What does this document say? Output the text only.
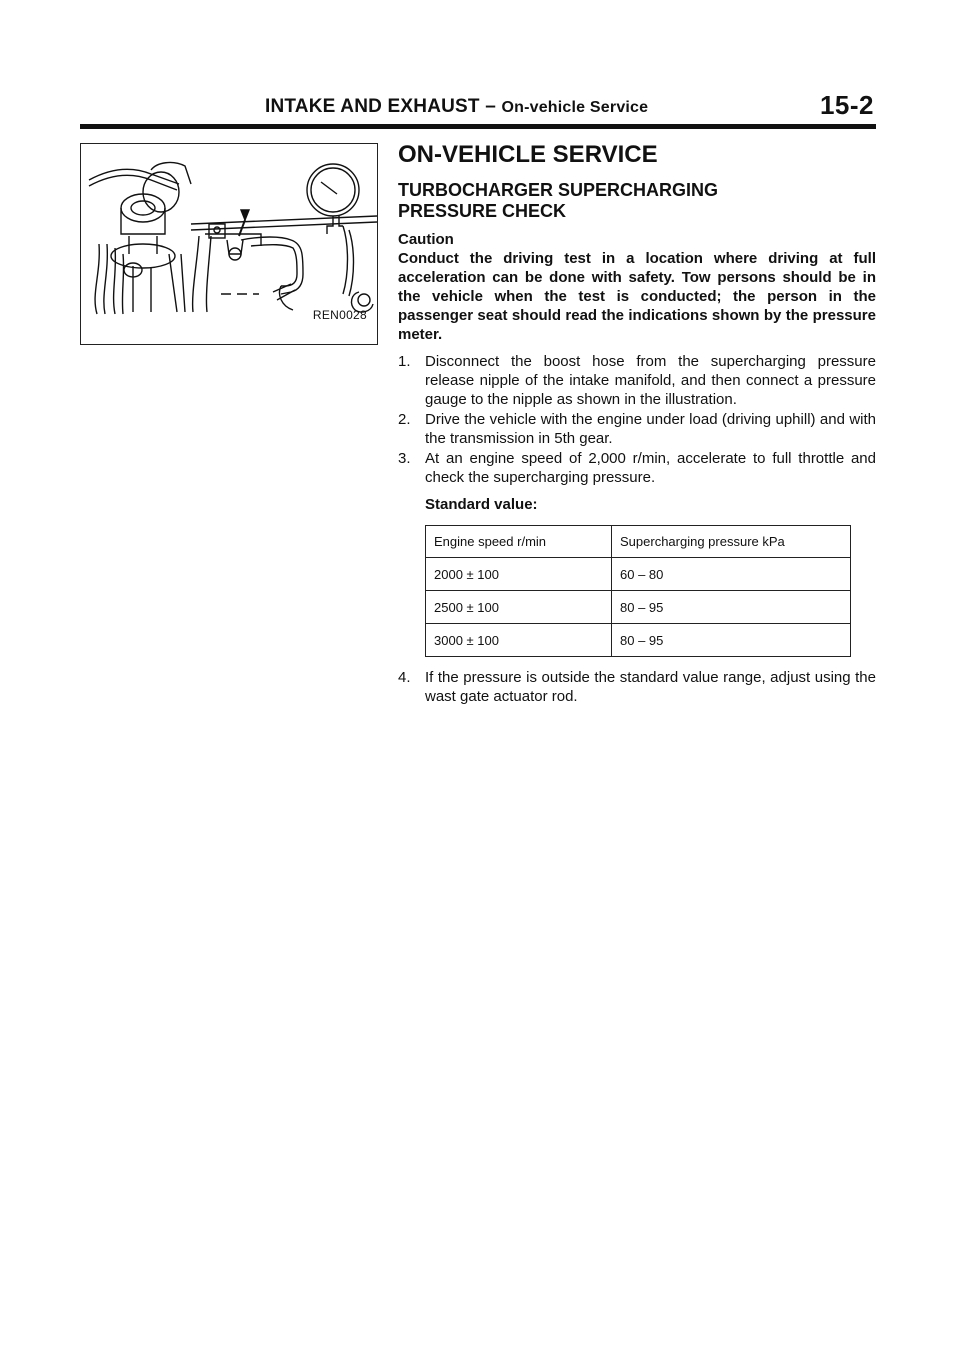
INTAKE AND EXHAUST – On-vehicle Service	15-2
REN0028
ON-VEHICLE SERVICE
TURBOCHARGER SUPERCHARGING PRESSURE CHECK
Caution
Conduct the driving test in a location where driving at full acceleration can be done with safety. Tow persons should be in the vehicle when the test is conducted; the person in the passenger seat should read the indications shown by the pressure meter.
1. Disconnect the boost hose from the supercharging pressure release nipple of the intake manifold, and then connect a pressure gauge to the nipple as shown in the illustration.
2. Drive the vehicle with the engine under load (driving uphill) and with the transmission in 5th gear.
3. At an engine speed of 2,000 r/min, accelerate to full throttle and check the supercharging pressure.
Standard value:
Engine speed r/min	Supercharging pressure kPa
2000 ± 100	60 – 80
2500 ± 100	80 – 95
3000 ± 100	80 – 95
4. If the pressure is outside the standard value range, adjust using the wast gate actuator rod.
